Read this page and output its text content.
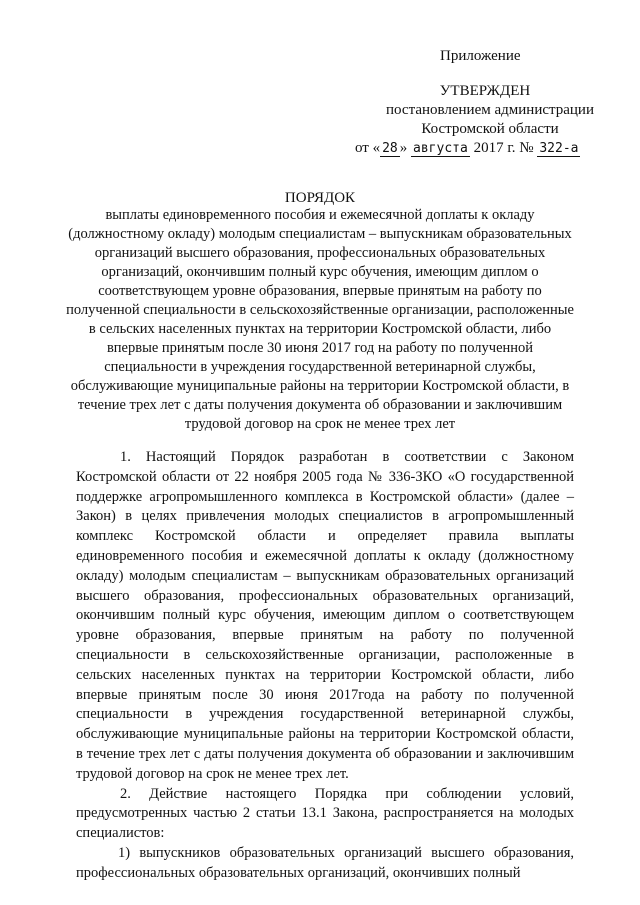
Приложение
УТВЕРЖДЕН
постановлением администрации
Костромской области
от « 28 » августа 2017 г. № 322-а
ПОРЯДОК
выплаты единовременного пособия и ежемесячной доплаты к окладу (должностному окладу) молодым специалистам – выпускникам образовательных организаций высшего образования, профессиональных образовательных организаций, окончившим полный курс обучения, имеющим диплом о соответствующем уровне образования, впервые принятым на работу по полученной специальности в сельскохозяйственные организации, расположенные в сельских населенных пунктах на территории Костромской области, либо впервые принятым после 30 июня 2017 год на работу по полученной специальности в учреждения государственной ветеринарной службы, обслуживающие муниципальные районы на территории Костромской области, в течение трех лет с даты получения документа об образовании и заключившим трудовой договор на срок не менее трех лет

1. Настоящий Порядок разработан в соответствии с Законом Костромской области от 22 ноября 2005 года № 336-ЗКО «О государственной поддержке агропромышленного комплекса в Костромской области» (далее – Закон) в целях привлечения молодых специалистов в агропромышленный комплекс Костромской области и определяет правила выплаты единовременного пособия и ежемесячной доплаты к окладу (должностному окладу) молодым специалистам – выпускникам образовательных организаций высшего образования, профессиональных образовательных организаций, окончившим полный курс обучения, имеющим диплом о соответствующем уровне образования, впервые принятым на работу по полученной специальности в сельскохозяйственные организации, расположенные в сельских населенных пунктах на территории Костромской области, либо впервые принятым после 30 июня 2017года на работу по полученной специальности в учреждения государственной ветеринарной службы, обслуживающие муниципальные районы на территории Костромской области, в течение трех лет с даты получения документа об образовании и заключившим трудовой договор на срок не менее трех лет.

2. Действие настоящего Порядка при соблюдении условий, предусмотренных частью 2 статьи 13.1 Закона, распространяется на молодых специалистов:

1) выпускников образовательных организаций высшего образования, профессиональных образовательных организаций, окончивших полный
